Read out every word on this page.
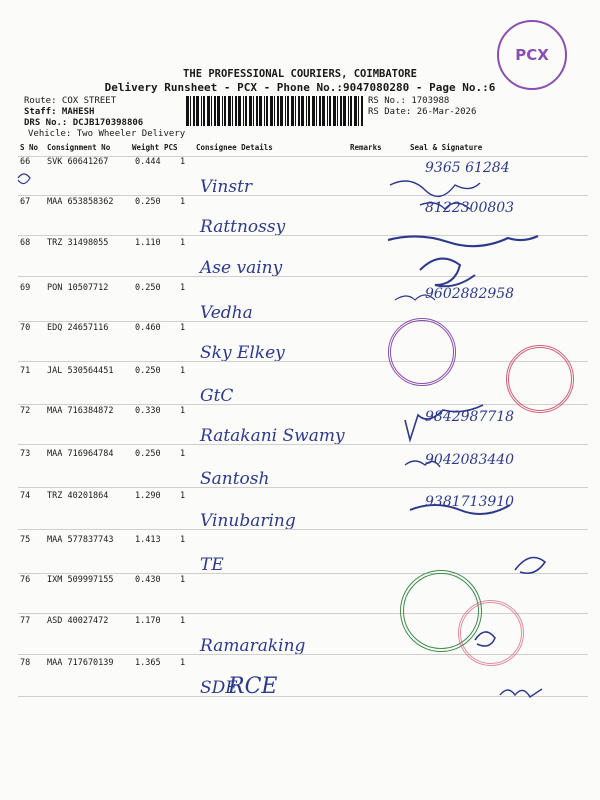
THE PROFESSIONAL COURIERS, COIMBATORE
Delivery Runsheet - PCX - Phone No.:9047080280 - Page No.:6
Route: COX STREET
Staff: MAHESH
DRS No.: DCJB170398806
Vehicle: Two Wheeler Delivery
RS No.: 1703988
RS Date: 26-Mar-2026
PCX
S No Consignment No	Weight PCS Consignee Details	Remarks	Seal & Signature
66 SVK 60641267	0.444 1
Vinstr
9365 61284
67 MAA 653858362	0.250 1
Rattnossy
8122300803
68 TRZ 31498055	1.110 1
Ase vainy
69 PON 10507712	0.250 1
Vedha
9602882958
70 EDQ 24657116	0.460 1
Sky Elkey
71 JAL 530564451	0.250 1
GtC
72 MAA 716384872	0.330 1
Ratakani Swamy
9842987718
73 MAA 716964784	0.250 1
Santosh
9042083440
74 TRZ 40201864	1.290 1
Vinubaring
9381713910
75 MAA 577837743	1.413 1
TE
76 IXM 509997155	0.430 1
77 ASD 40027472	1.170 1
Ramaraking
78 MAA 717670139	1.365 1
SDE
RCE
